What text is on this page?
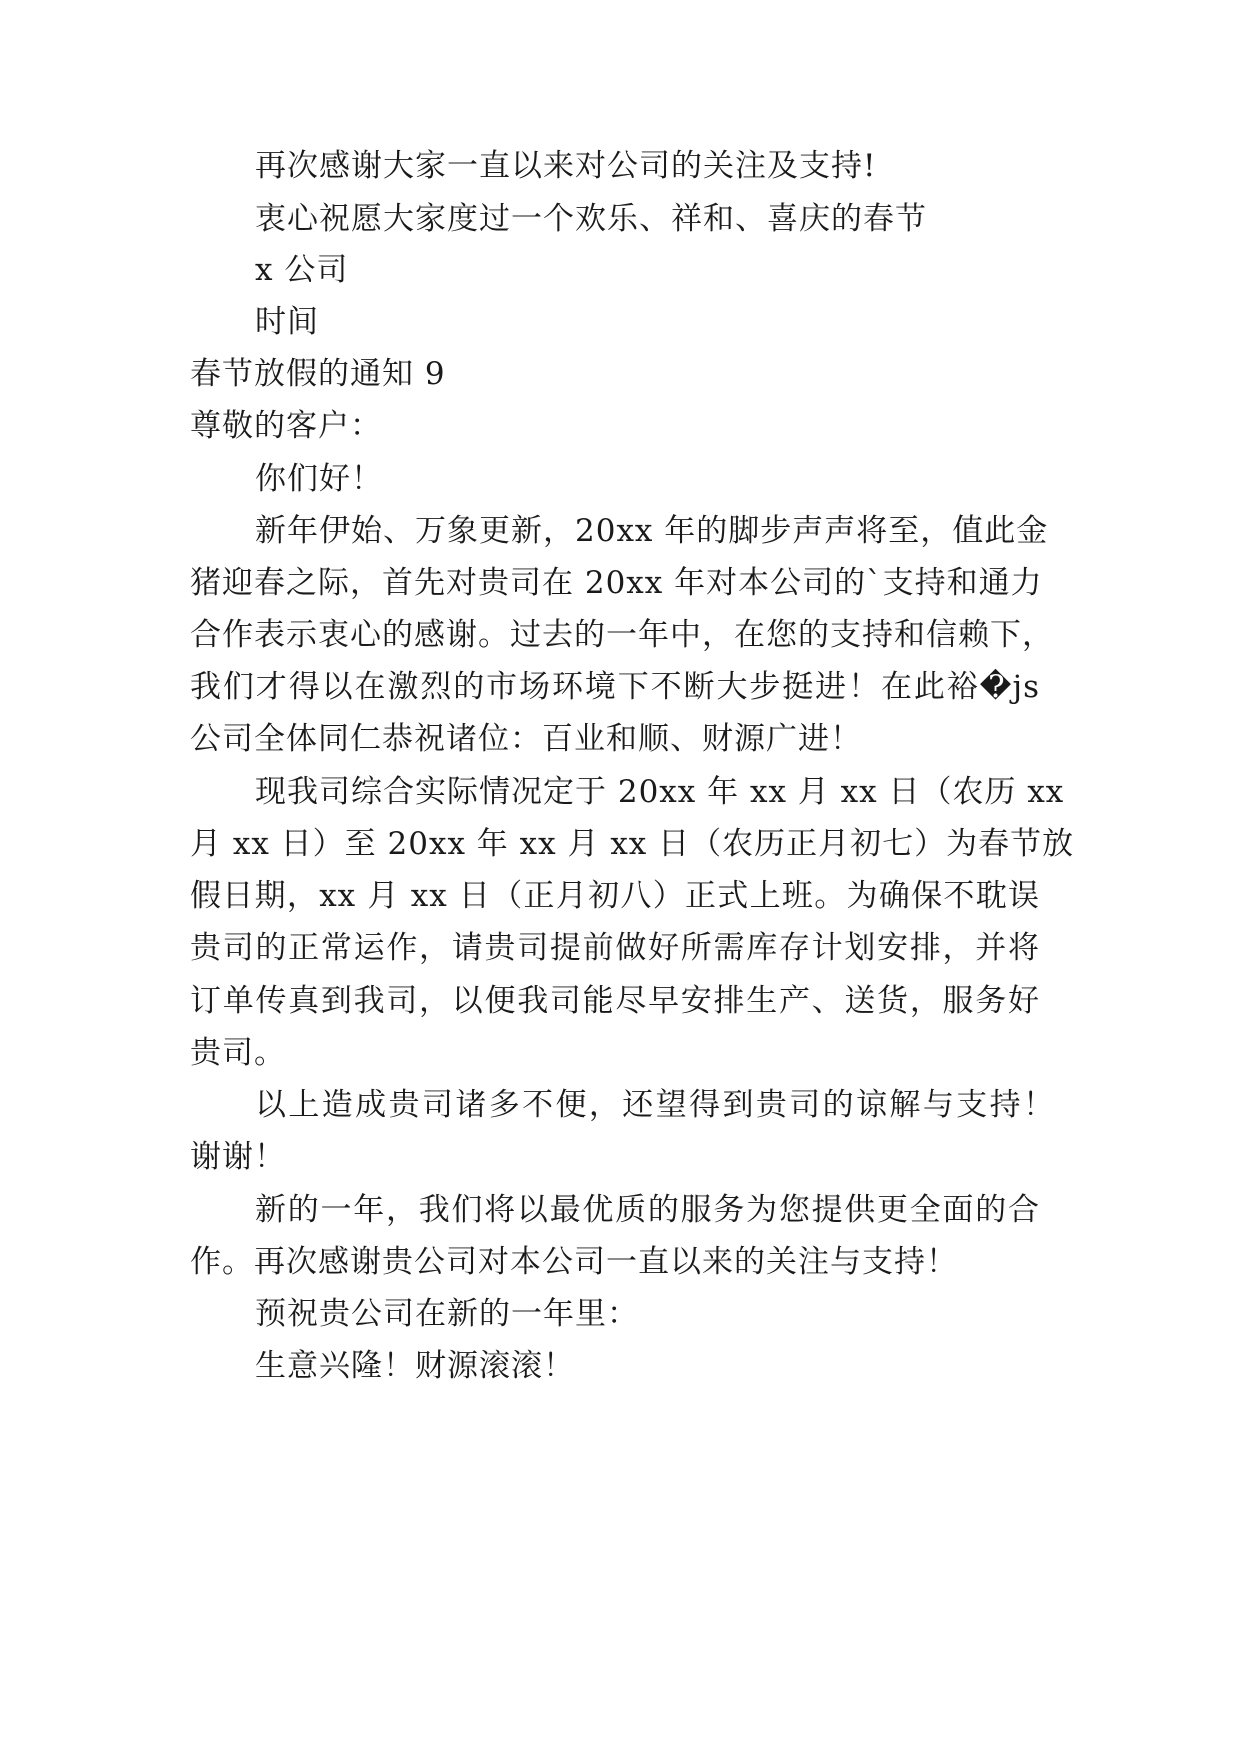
再次感谢大家一直以来对公司的关注及支持!
衷心祝愿大家度过一个欢乐、祥和、喜庆的春节
x 公司
时间
春节放假的通知 9
尊敬的客户：
你们好！
新年伊始、万象更新，20xx 年的脚步声声将至，值此金
猪迎春之际，首先对贵司在 20xx 年对本公司的`支持和通力
合作表示衷心的感谢。过去的一年中，在您的支持和信赖下，
我们才得以在激烈的市场环境下不断大步挺进！在此裕�js
公司全体同仁恭祝诸位：百业和顺、财源广进！
现我司综合实际情况定于 20xx 年 xx 月 xx 日（农历 xx
月 xx 日）至 20xx 年 xx 月 xx 日（农历正月初七）为春节放
假日期，xx 月 xx 日（正月初八）正式上班。为确保不耽误
贵司的正常运作，请贵司提前做好所需库存计划安排，并将
订单传真到我司，以便我司能尽早安排生产、送货，服务好
贵司。
以上造成贵司诸多不便，还望得到贵司的谅解与支持！
谢谢！
新的一年，我们将以最优质的服务为您提供更全面的合
作。再次感谢贵公司对本公司一直以来的关注与支持！
预祝贵公司在新的一年里：
生意兴隆！财源滚滚！
